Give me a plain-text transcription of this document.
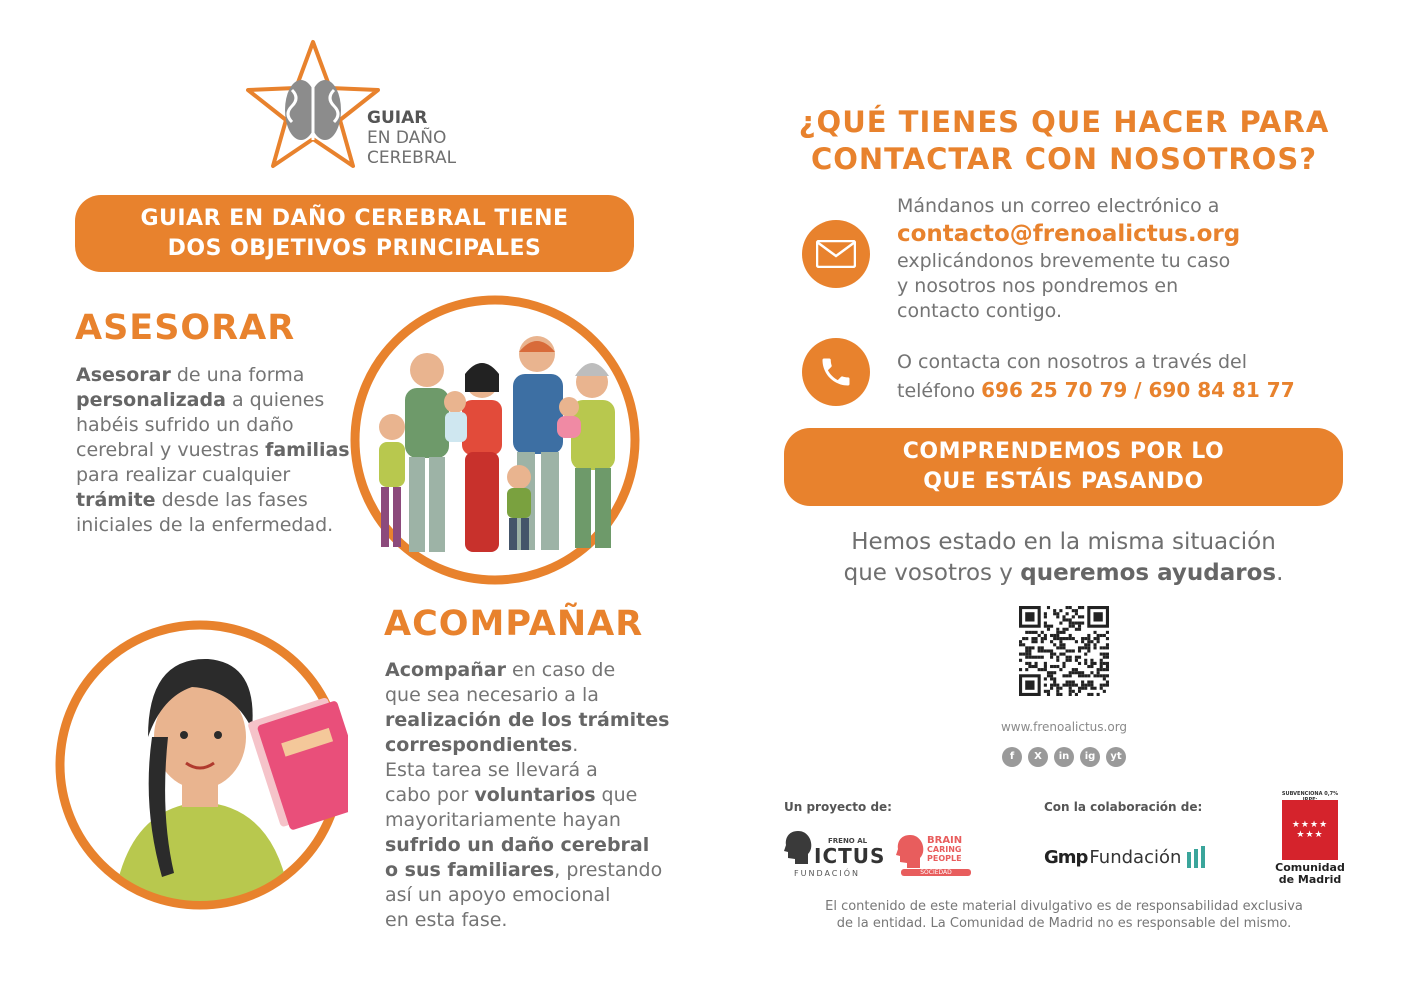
GUIAR
EN DAÑO
CEREBRAL
GUIAR EN DAÑO CEREBRAL TIENE
DOS OBJETIVOS PRINCIPALES
ASESORAR
Asesorar de una forma
personalizada a quienes
habéis sufrido un daño
cerebral y vuestras familias
para realizar cualquier
trámite desde las fases
iniciales de la enfermedad.
ACOMPAÑAR
Acompañar en caso de
que sea necesario a la
realización de los trámites
correspondientes.
Esta tarea se llevará a
cabo por voluntarios que
mayoritariamente hayan
sufrido un daño cerebral
o sus familiares, prestando
así un apoyo emocional
en esta fase.
¿QUÉ TIENES QUE HACER PARA
CONTACTAR CON NOSOTROS?
Mándanos un correo electrónico a
contacto@frenoalictus.org
explicándonos brevemente tu caso
y nosotros nos pondremos en
contacto contigo.
O contacta con nosotros a través del
teléfono 696 25 70 79 / 690 84 81 77
COMPRENDEMOS POR LO
QUE ESTÁIS PASANDO
Hemos estado en la misma situación
que vosotros y queremos ayudaros.
www.frenoalictus.org
f X in ig yt
Un proyecto de:	Con la colaboración de:
FRENO AL
ICTUS
FUNDACIÓN
BRAIN
CARING
PEOPLE
SOCIEDAD
Gmp Fundación
SUBVENCIONA 0,7%
★★★★
★★★
Comunidad
de Madrid
El contenido de este material divulgativo es de responsabilidad exclusiva
de la entidad. La Comunidad de Madrid no es responsable del mismo.
